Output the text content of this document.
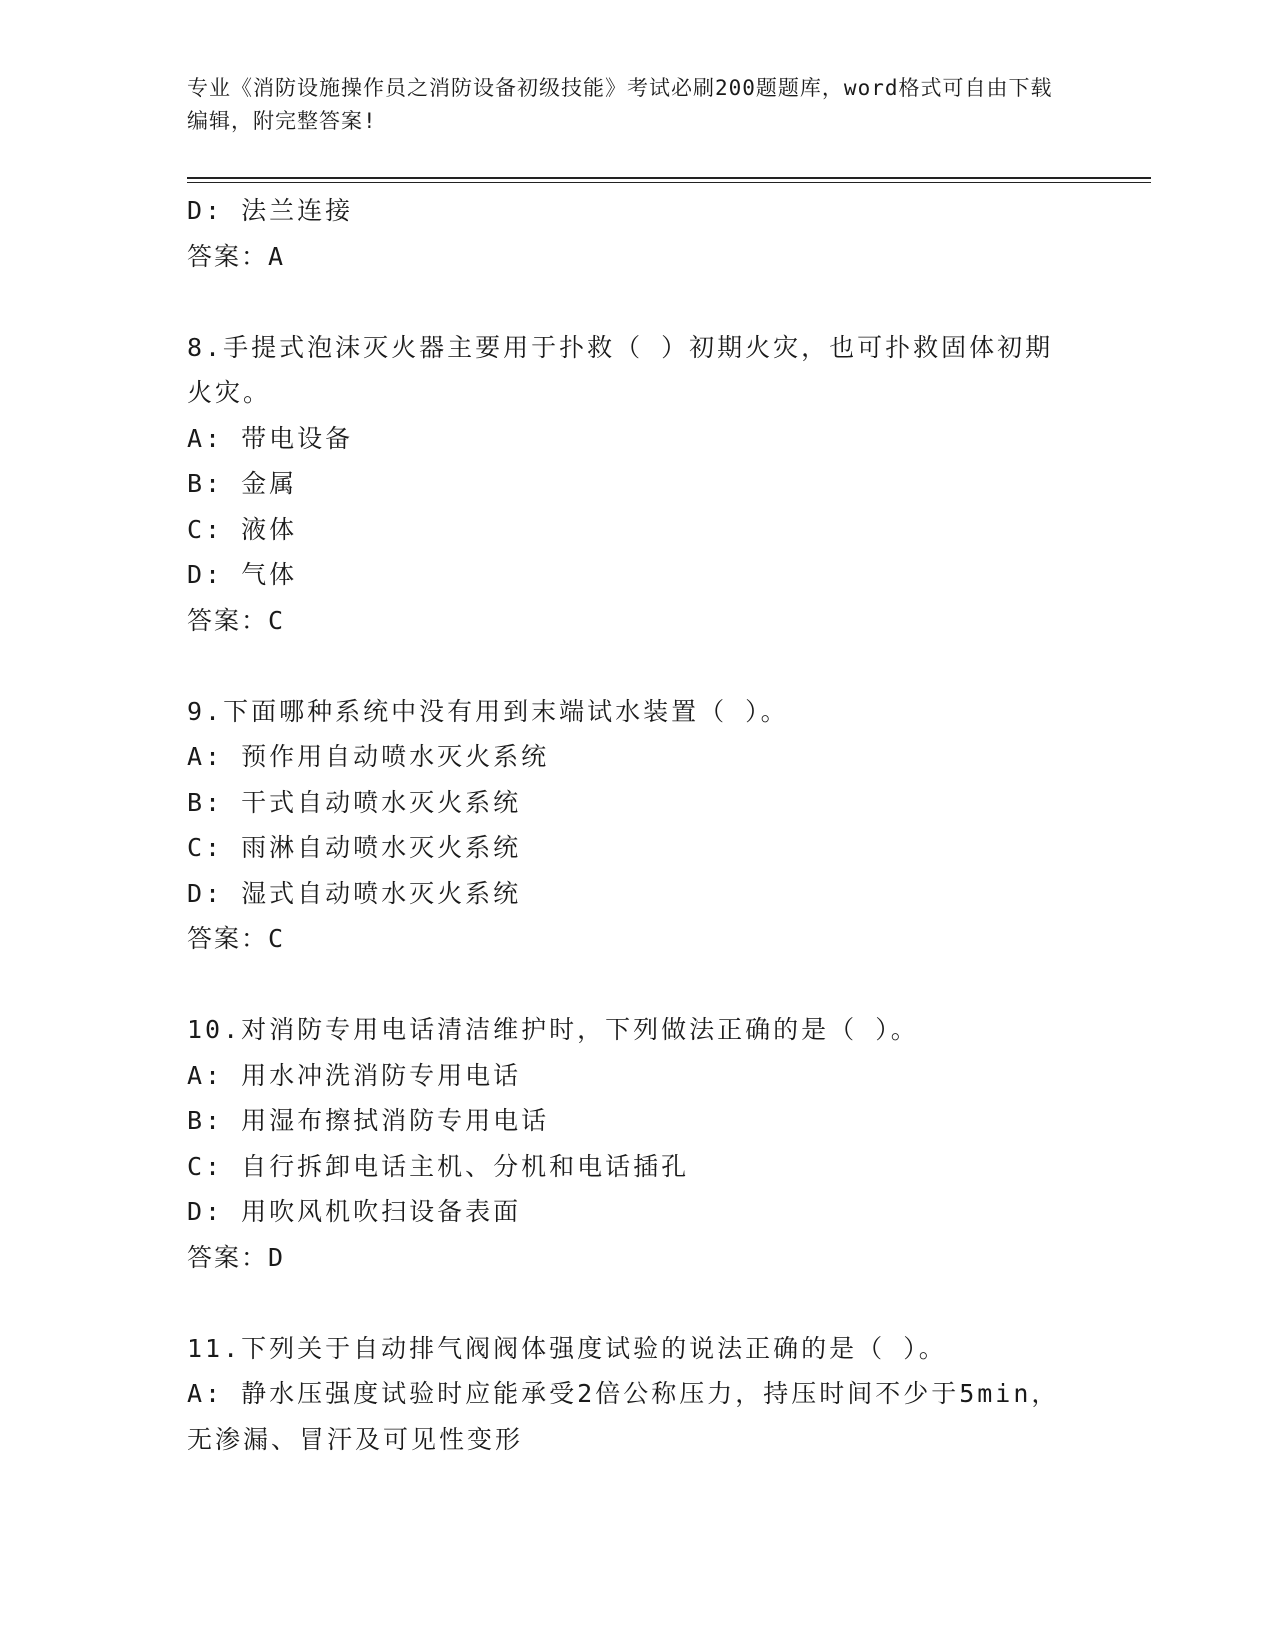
专业《消防设施操作员之消防设备初级技能》考试必刷200题题库，word格式可自由下载编辑，附完整答案!
D: 法兰连接
答案：A
8.手提式泡沫灭火器主要用于扑救（ ）初期火灾，也可扑救固体初期火灾。
A: 带电设备
B: 金属
C: 液体
D: 气体
答案：C
9.下面哪种系统中没有用到末端试水装置（ ）。
A: 预作用自动喷水灭火系统
B: 干式自动喷水灭火系统
C: 雨淋自动喷水灭火系统
D: 湿式自动喷水灭火系统
答案：C
10.对消防专用电话清洁维护时，下列做法正确的是（ ）。
A: 用水冲洗消防专用电话
B: 用湿布擦拭消防专用电话
C: 自行拆卸电话主机、分机和电话插孔
D: 用吹风机吹扫设备表面
答案：D
11.下列关于自动排气阀阀体强度试验的说法正确的是（ ）。
A: 静水压强度试验时应能承受2倍公称压力，持压时间不少于5min，无渗漏、冒汗及可见性变形
